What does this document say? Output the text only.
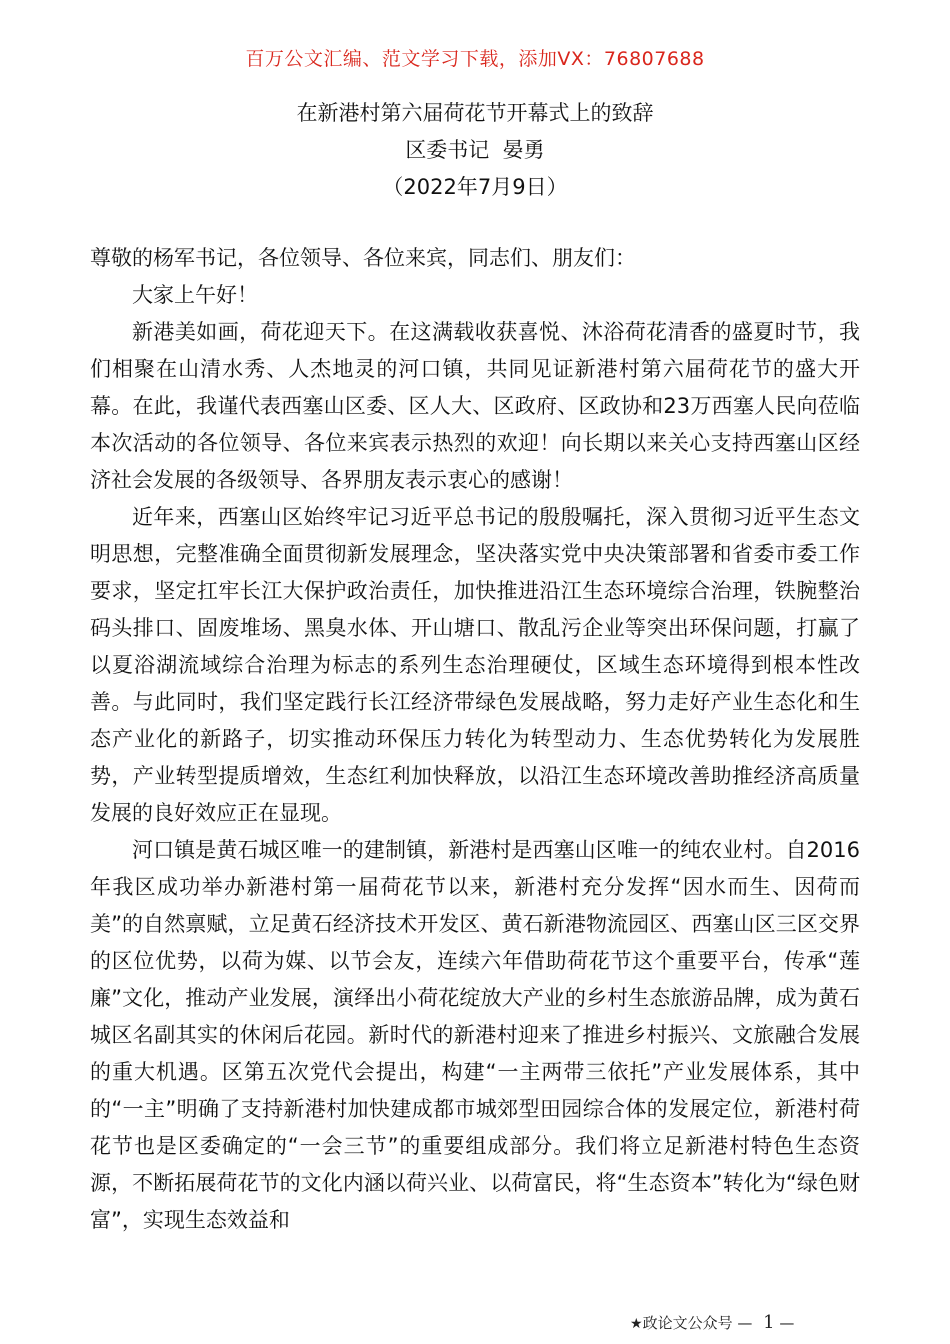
百万公文汇编、范文学习下载，添加VX：76807688
在新港村第六届荷花节开幕式上的致辞
区委书记  晏勇
（2022年7月9日）

尊敬的杨军书记，各位领导、各位来宾，同志们、朋友们：

大家上午好！

新港美如画，荷花迎天下。在这满载收获喜悦、沐浴荷花清香的盛夏时节，我们相聚在山清水秀、人杰地灵的河口镇，共同见证新港村第六届荷花节的盛大开幕。在此，我谨代表西塞山区委、区人大、区政府、区政协和23万西塞人民向莅临本次活动的各位领导、各位来宾表示热烈的欢迎！向长期以来关心支持西塞山区经济社会发展的各级领导、各界朋友表示衷心的感谢！

近年来，西塞山区始终牢记习近平总书记的殷殷嘱托，深入贯彻习近平生态文明思想，完整准确全面贯彻新发展理念，坚决落实党中央决策部署和省委市委工作要求，坚定扛牢长江大保护政治责任，加快推进沿江生态环境综合治理，铁腕整治码头排口、固废堆场、黑臭水体、开山塘口、散乱污企业等突出环保问题，打赢了以夏浴湖流域综合治理为标志的系列生态治理硬仗，区域生态环境得到根本性改善。与此同时，我们坚定践行长江经济带绿色发展战略，努力走好产业生态化和生态产业化的新路子，切实推动环保压力转化为转型动力、生态优势转化为发展胜势，产业转型提质增效，生态红利加快释放，以沿江生态环境改善助推经济高质量发展的良好效应正在显现。

河口镇是黄石城区唯一的建制镇，新港村是西塞山区唯一的纯农业村。自2016年我区成功举办新港村第一届荷花节以来，新港村充分发挥“因水而生、因荷而美”的自然禀赋，立足黄石经济技术开发区、黄石新港物流园区、西塞山区三区交界的区位优势，以荷为媒、以节会友，连续六年借助荷花节这个重要平台，传承“莲廉”文化，推动产业发展，演绎出小荷花绽放大产业的乡村生态旅游品牌，成为黄石城区名副其实的休闲后花园。新时代的新港村迎来了推进乡村振兴、文旅融合发展的重大机遇。区第五次党代会提出，构建“一主两带三依托”产业发展体系，其中的“一主”明确了支持新港村加快建成都市城郊型田园综合体的发展定位，新港村荷花节也是区委确定的“一会三节”的重要组成部分。我们将立足新港村特色生态资源，不断拓展荷花节的文化内涵以荷兴业、以荷富民，将“生态资本”转化为“绿色财富”，实现生态效益和

★政论文公众号 — 1 —
